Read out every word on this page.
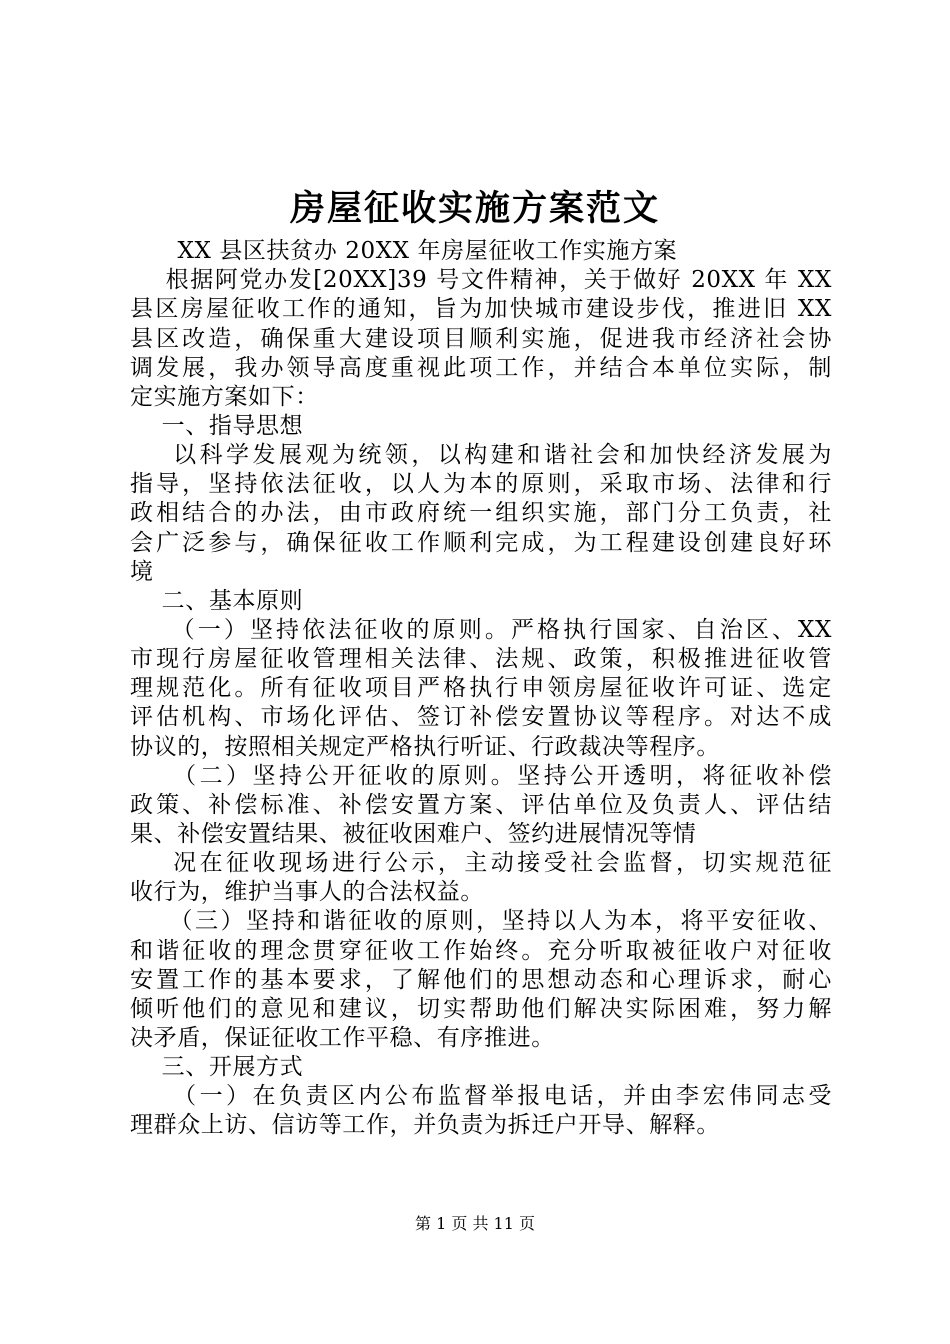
房屋征收实施方案范文
XX 县区扶贫办 20XX 年房屋征收工作实施方案
根据阿党办发[20XX]39 号文件精神，关于做好 20XX 年 XX
县区房屋征收工作的通知，旨为加快城市建设步伐，推进旧 XX
县区改造，确保重大建设项目顺利实施，促进我市经济社会协
调发展，我办领导高度重视此项工作，并结合本单位实际，制
定实施方案如下：
一、指导思想
以科学发展观为统领，以构建和谐社会和加快经济发展为
指导，坚持依法征收，以人为本的原则，采取市场、法律和行
政相结合的办法，由市政府统一组织实施，部门分工负责，社
会广泛参与，确保征收工作顺利完成，为工程建设创建良好环
境
二、基本原则
（一）坚持依法征收的原则。严格执行国家、自治区、XX
市现行房屋征收管理相关法律、法规、政策，积极推进征收管
理规范化。所有征收项目严格执行申领房屋征收许可证、选定
评估机构、市场化评估、签订补偿安置协议等程序。对达不成
协议的，按照相关规定严格执行听证、行政裁决等程序。
（二）坚持公开征收的原则。坚持公开透明，将征收补偿
政策、补偿标准、补偿安置方案、评估单位及负责人、评估结
果、补偿安置结果、被征收困难户、签约进展情况等情
况在征收现场进行公示，主动接受社会监督，切实规范征
收行为，维护当事人的合法权益。
（三）坚持和谐征收的原则，坚持以人为本，将平安征收、
和谐征收的理念贯穿征收工作始终。充分听取被征收户对征收
安置工作的基本要求，了解他们的思想动态和心理诉求，耐心
倾听他们的意见和建议，切实帮助他们解决实际困难，努力解
决矛盾，保证征收工作平稳、有序推进。
三、开展方式
（一）在负责区内公布监督举报电话，并由李宏伟同志受
理群众上访、信访等工作，并负责为拆迁户开导、解释。

第 1 页 共 11 页
